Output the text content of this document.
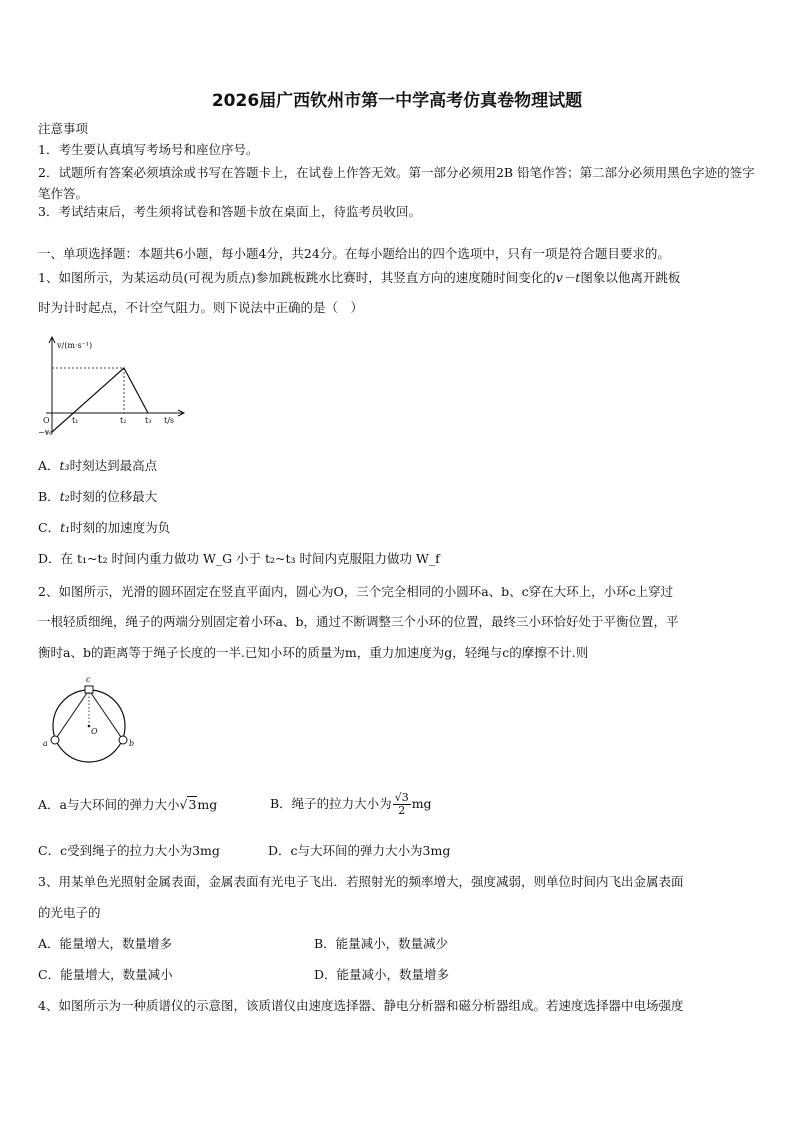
2026届广西钦州市第一中学高考仿真卷物理试题
注意事项
1．考生要认真填写考场号和座位序号。
2．试题所有答案必须填涂或书写在答题卡上，在试卷上作答无效。第一部分必须用2B 铅笔作答；第二部分必须用黑色字迹的签字笔作答。
3．考试结束后，考生须将试卷和答题卡放在桌面上，待监考员收回。
一、单项选择题：本题共6小题，每小题4分，共24分。在每小题给出的四个选项中，只有一项是符合题目要求的。
1、如图所示，为某运动员(可视为质点)参加跳板跳水比赛时，其竖直方向的速度随时间变化的v－t图象以他离开跳板
时为计时起点，不计空气阻力。则下说法中正确的是（　）
v/(m·s⁻¹)
O	t₁	t₂ t₃ t/s
−v₀
A．t₃时刻达到最高点
B．t₂时刻的位移最大
C．t₁时刻的加速度为负
D．在 t₁~t₂ 时间内重力做功 W_G 小于 t₂~t₃ 时间内克服阻力做功 W_f
2、如图所示，光滑的圆环固定在竖直平面内，圆心为O，三个完全相同的小圆环a、b、c穿在大环上，小环c上穿过
一根轻质细绳，绳子的两端分别固定着小环a、b，通过不断调整三个小环的位置，最终三小环恰好处于平衡位置，平
衡时a、b的距离等于绳子长度的一半.已知小环的质量为m，重力加速度为g，轻绳与c的摩擦不计.则
c
a	b
O
A．a与大环间的弹力大小√3mg	B．绳子的拉力大小为 $\frac{√3}{2}$ mg
C．c受到绳子的拉力大小为3mg	D．c与大环间的弹力大小为3mg
3、用某单色光照射金属表面，金属表面有光电子飞出．若照射光的频率增大，强度减弱，则单位时间内飞出金属表面
的光电子的
A．能量增大，数量增多	B．能量减小，数量减少
C．能量增大，数量减小	D．能量减小，数量增多
4、如图所示为一种质谱仪的示意图，该质谱仪由速度选择器、静电分析器和磁分析器组成。若速度选择器中电场强度
